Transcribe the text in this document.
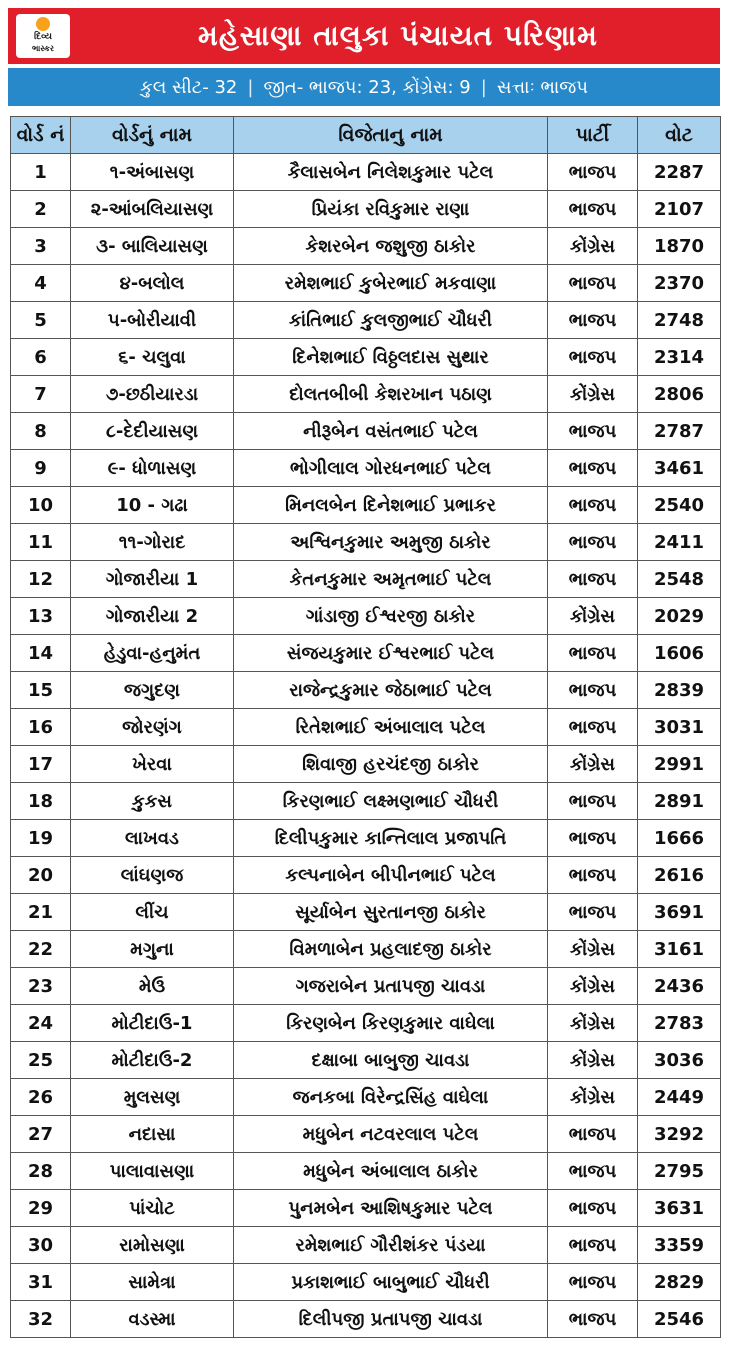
દિવ્ય
ભાસ્કર	મહેસાણા તાલુકા પંચાયત પરિણામ
કુલ સીટ- 32 | જીત- ભાજપ: 23, કોંગ્રેસ: 9 | સત્તાઃ ભાજપ
વોર્ડ નં	વોર્ડનું નામ	વિજેતાનુ નામ	પાર્ટી	વોટ
1	૧-અંબાસણ	કૈલાસબેન નિલેશકુમાર પટેલ	ભાજપ	2287
2	૨-આંબલિયાસણ	પ્રિયંકા રવિકુમાર રાણા	ભાજપ	2107
3	૩- બાલિયાસણ	કેશરબેન જશુજી ઠાકોર	કોંગ્રેસ	1870
4	૪-બલોલ	રમેશભાઈ કુબેરભાઈ મકવાણા	ભાજપ	2370
5	૫-બોરીયાવી	કાંતિભાઈ કુલજીભાઈ ચૌધરી	ભાજપ	2748
6	૬- ચલુવા	દિનેશભાઈ વિઠ્ઠલદાસ સુથાર	ભાજપ	2314
7	૭-છઠીયારડા	દોલતબીબી કેશરખાન પઠાણ	કોંગ્રેસ	2806
8	૮-દેદીયાસણ	નીરૂબેન વસંતભાઈ પટેલ	ભાજપ	2787
9	૯- ધોળાસણ	ભોગીલાલ ગોરધનભાઈ પટેલ	ભાજપ	3461
10	10 - ગઢા	મિનલબેન દિનેશભાઈ પ્રભાકર	ભાજપ	2540
11	૧૧-ગોરાદ	અશ્વિનકુમાર અમુજી ઠાકોર	ભાજપ	2411
12	ગોજારીયા 1	કેતનકુમાર અમૃતભાઈ પટેલ	ભાજપ	2548
13	ગોજારીયા 2	ગાંડાજી ઈશ્વરજી ઠાકોર	કોંગ્રેસ	2029
14	હેડુવા-હનુમંત	સંજયકુમાર ઈશ્વરભાઈ પટેલ	ભાજપ	1606
15	જગુદણ	રાજેન્દ્રકુમાર જેઠાભાઈ પટેલ	ભાજપ	2839
16	જોરણંગ	રિતેશભાઈ અંબાલાલ પટેલ	ભાજપ	3031
17	ખેરવા	શિવાજી હરચંદજી ઠાકોર	કોંગ્રેસ	2991
18	કુકસ	કિરણભાઈ લક્ષ્મણભાઈ ચૌધરી	ભાજપ	2891
19	લાખવડ	દિલીપકુમાર કાન્તિલાલ પ્રજાપતિ	ભાજપ	1666
20	લાંઘણજ	કલ્પનાબેન બીપીનભાઈ પટેલ	ભાજપ	2616
21	લીંચ	સૂર્યાબેન સુરતાનજી ઠાકોર	ભાજપ	3691
22	મગુના	વિમળાબેન પ્રહલાદજી ઠાકોર	કોંગ્રેસ	3161
23	મેઉ	ગજરાબેન પ્રતાપજી ચાવડા	કોંગ્રેસ	2436
24	મોટીદાઉ-1	કિરણબેન કિરણકુમાર વાઘેલા	કોંગ્રેસ	2783
25	મોટીદાઉ-2	દક્ષાબા બાબુજી ચાવડા	કોંગ્રેસ	3036
26	મુલસણ	જનકબા વિરેન્દ્રસિંહ વાઘેલા	કોંગ્રેસ	2449
27	નદાસા	મધુબેન નટવરલાલ પટેલ	ભાજપ	3292
28	પાલાવાસણા	મધુબેન અંબાલાલ ઠાકોર	ભાજપ	2795
29	પાંચોટ	પુનમબેન આશિષકુમાર પટેલ	ભાજપ	3631
30	રામોસણા	રમેશભાઈ ગૌરીશંકર પંડયા	ભાજપ	3359
31	સામેત્રા	પ્રકાશભાઈ બાબુભાઈ ચૌધરી	ભાજપ	2829
32	વડસ્મા	દિલીપજી પ્રતાપજી ચાવડા	ભાજપ	2546
